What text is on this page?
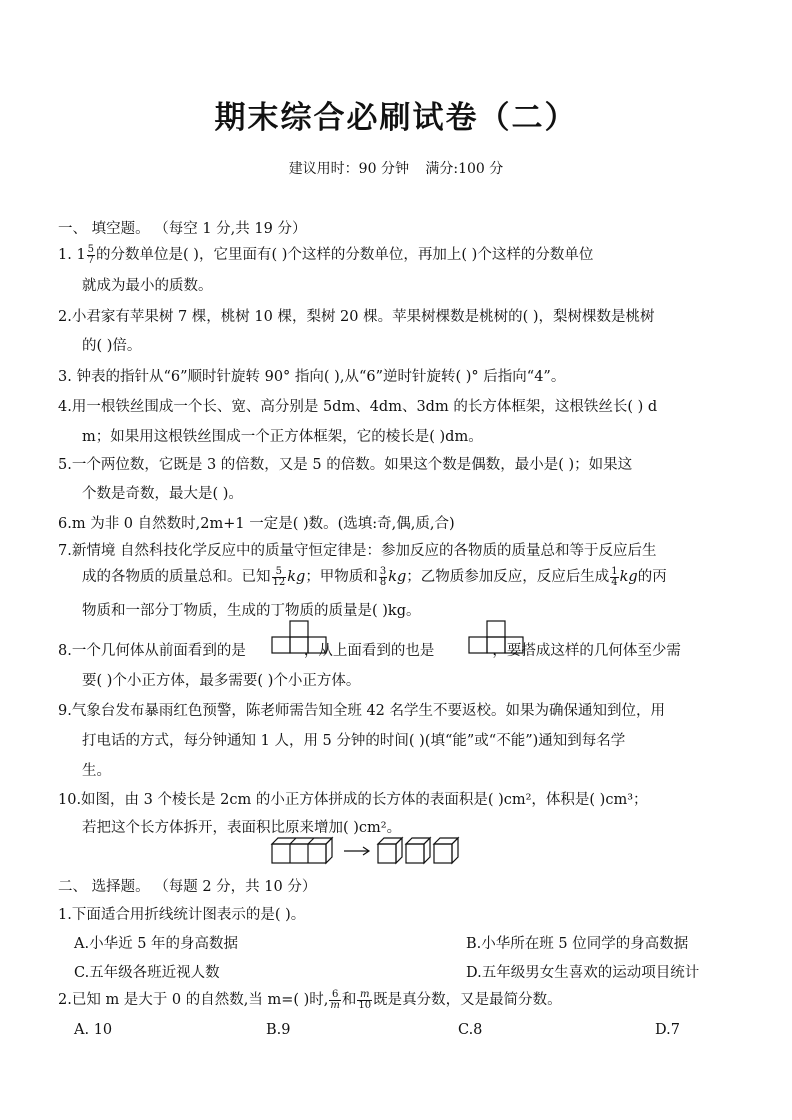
期末综合必刷试卷（二）
建议用时：90 分钟 满分:100 分
一、 填空题。 （每空 1 分,共 19 分）
1. $1 \frac{5}{7}$ 的分数单位是( )，它里面有( )个这样的分数单位，再加上( )个这样的分数单位
就成为最小的质数。
2.小君家有苹果树 7 棵，桃树 10 棵，梨树 20 棵。苹果树棵数是桃树的( )，梨树棵数是桃树
的( )倍。
3. 钟表的指针从“6”顺时针旋转 90° 指向( ),从“6”逆时针旋转( )° 后指向“4”。
4.用一根铁丝围成一个长、宽、高分别是 5dm、4dm、3dm 的长方体框架，这根铁丝长( ) d
m；如果用这根铁丝围成一个正方体框架，它的棱长是( )dm。
5.一个两位数，它既是 3 的倍数，又是 5 的倍数。如果这个数是偶数，最小是( )；如果这
个数是奇数，最大是( )。
6.m 为非 0 自然数时,2m+1 一定是( )数。(选填:奇,偶,质,合)
7.新情境 自然科技化学反应中的质量守恒定律是：参加反应的各物质的质量总和等于反应后生
成的各物质的质量总和。已知 $\frac{5}{12}$ kg；甲物质和 $\frac{3}{8}$ kg；乙物质参加反应，反应后生成 $\frac{1}{4}$ kg的丙
物质和一部分丁物质，生成的丁物质的质量是( )kg。
8.一个几何体从前面看到的是	，从上面看到的也是	，要搭成这样的几何体至少需
要( )个小正方体，最多需要( )个小正方体。
9.气象台发布暴雨红色预警，陈老师需告知全班 42 名学生不要返校。如果为确保通知到位，用
打电话的方式，每分钟通知 1 人，用 5 分钟的时间( )(填“能”或“不能”)通知到每名学
生。
10.如图，由 3 个棱长是 2cm 的小正方体拼成的长方体的表面积是( )cm²，体积是( )cm³；
若把这个长方体拆开，表面积比原来增加( )cm²。
二、 选择题。 （每题 2 分，共 10 分）
1.下面适合用折线统计图表示的是( )。
A.小华近 5 年的身高数据	B.小华所在班 5 位同学的身高数据
C.五年级各班近视人数	D.五年级男女生喜欢的运动项目统计
2.已知 m 是大于 0 的自然数,当 m=( )时, $\frac{6}{m}$ 和 $\frac{m}{10}$ 既是真分数，又是最简分数。
A. 10	B.9	C.8	D.7
